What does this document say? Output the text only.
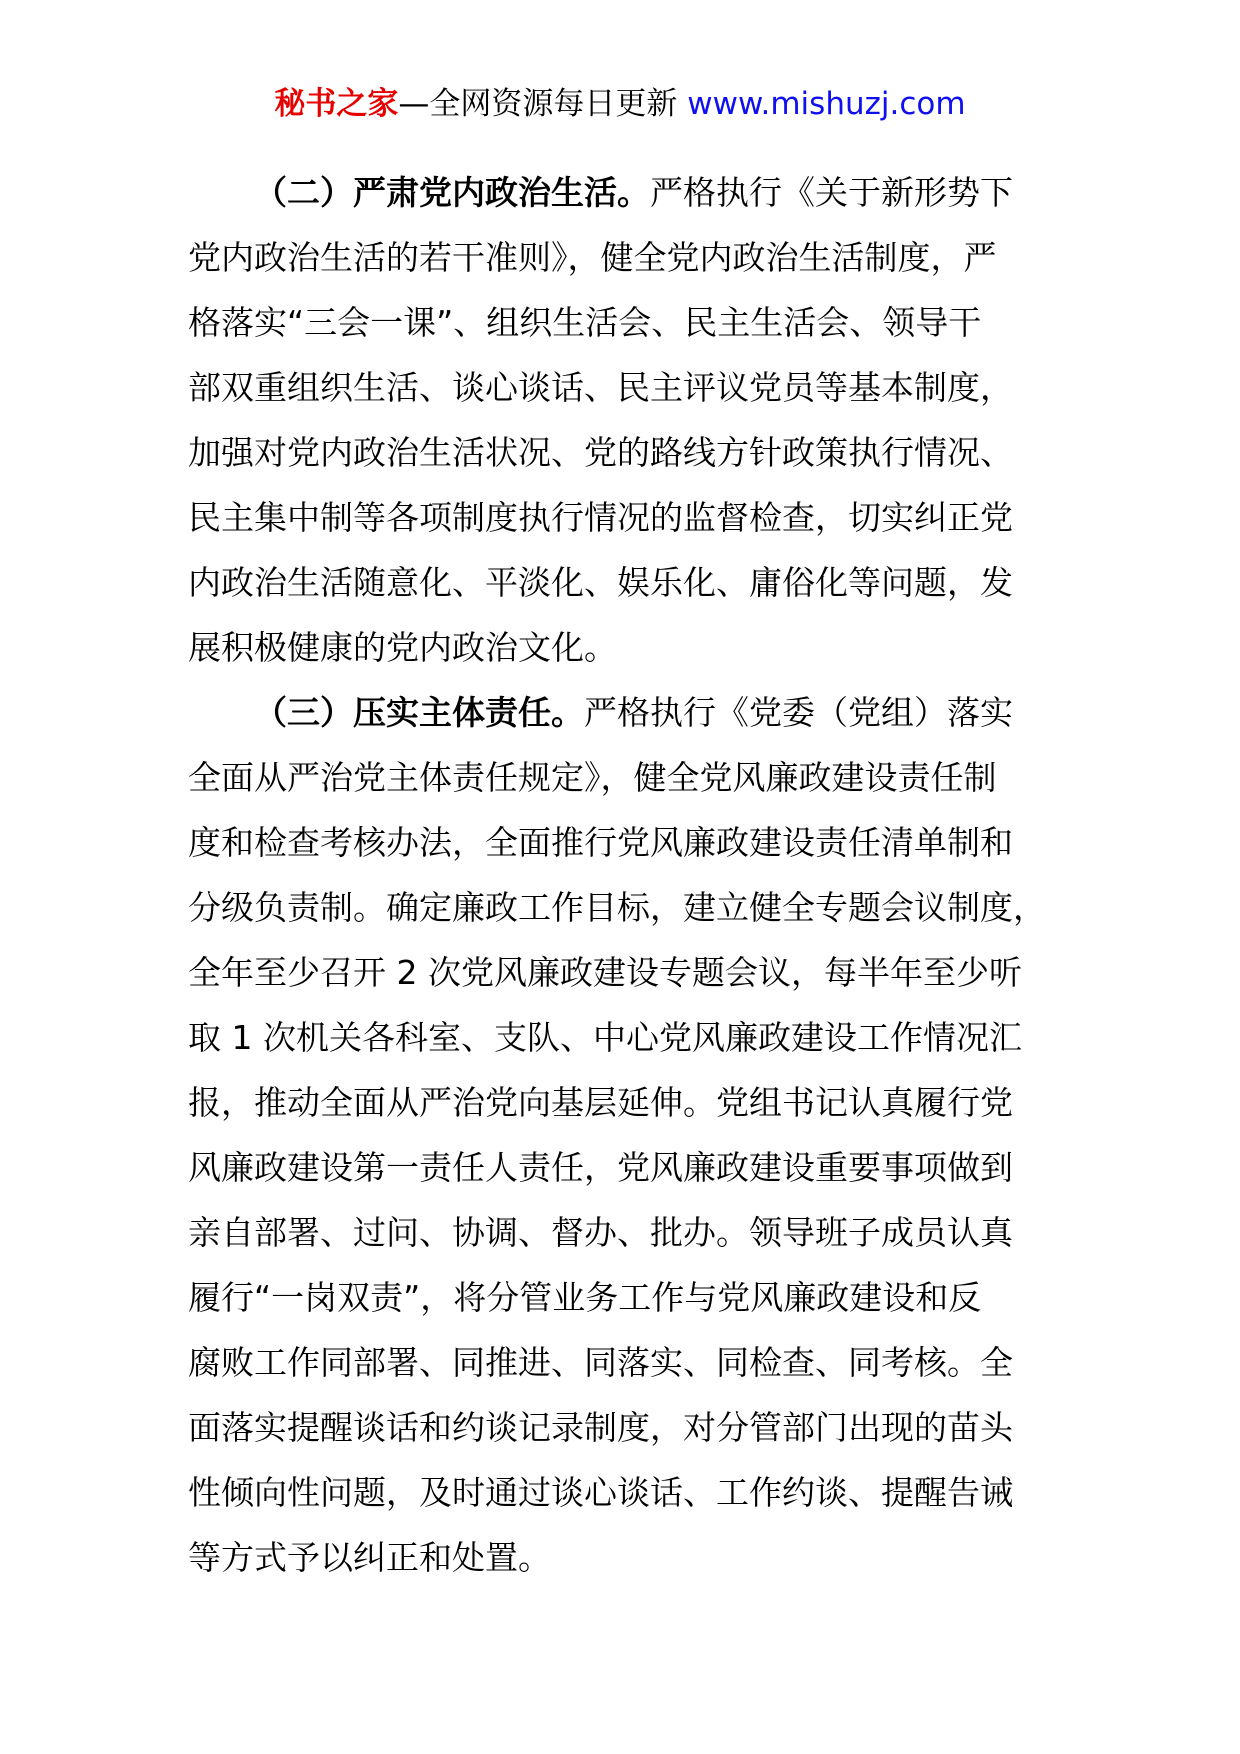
秘书之家—全网资源每日更新 www.mishuzj.com
（二）严肃党内政治生活。严格执行《关于新形势下
党内政治生活的若干准则》，健全党内政治生活制度，严
格落实“三会一课”、组织生活会、民主生活会、领导干
部双重组织生活、谈心谈话、民主评议党员等基本制度，
加强对党内政治生活状况、党的路线方针政策执行情况、
民主集中制等各项制度执行情况的监督检查，切实纠正党
内政治生活随意化、平淡化、娱乐化、庸俗化等问题，发
展积极健康的党内政治文化。
（三）压实主体责任。严格执行《党委（党组）落实
全面从严治党主体责任规定》，健全党风廉政建设责任制
度和检查考核办法，全面推行党风廉政建设责任清单制和
分级负责制。确定廉政工作目标，建立健全专题会议制度，
全年至少召开 2 次党风廉政建设专题会议，每半年至少听
取 1 次机关各科室、支队、中心党风廉政建设工作情况汇
报，推动全面从严治党向基层延伸。党组书记认真履行党
风廉政建设第一责任人责任，党风廉政建设重要事项做到
亲自部署、过问、协调、督办、批办。领导班子成员认真
履行“一岗双责”，将分管业务工作与党风廉政建设和反
腐败工作同部署、同推进、同落实、同检查、同考核。全
面落实提醒谈话和约谈记录制度，对分管部门出现的苗头
性倾向性问题，及时通过谈心谈话、工作约谈、提醒告诫
等方式予以纠正和处置。
